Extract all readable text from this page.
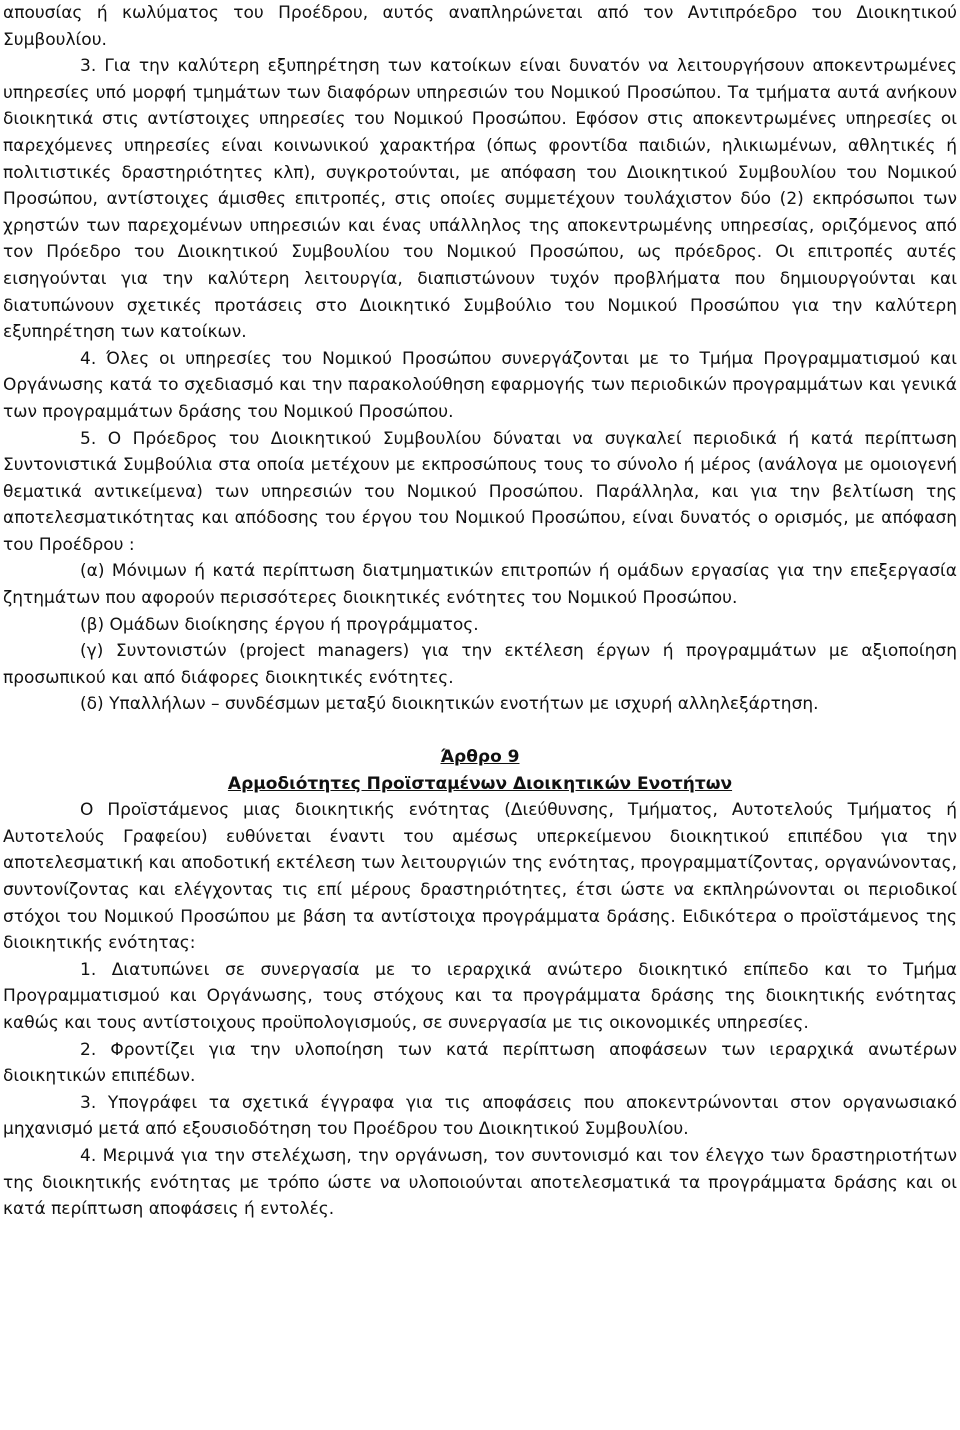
απουσίας ή κωλύματος του Προέδρου, αυτός αναπληρώνεται από τον Αντιπρόεδρο του Διοικητικού Συμβουλίου.

3. Για την καλύτερη εξυπηρέτηση των κατοίκων είναι δυνατόν να λειτουργήσουν αποκεντρωμένες υπηρεσίες υπό μορφή τμημάτων των διαφόρων υπηρεσιών του Νομικού Προσώπου. Τα τμήματα αυτά ανήκουν διοικητικά στις αντίστοιχες υπηρεσίες του Νομικού Προσώπου. Εφόσον στις αποκεντρωμένες υπηρεσίες οι παρεχόμενες υπηρεσίες είναι κοινωνικού χαρακτήρα (όπως φροντίδα παιδιών, ηλικιωμένων, αθλητικές ή πολιτιστικές δραστηριότητες κλπ), συγκροτούνται, με απόφαση του Διοικητικού Συμβουλίου του Νομικού Προσώπου, αντίστοιχες άμισθες επιτροπές, στις οποίες συμμετέχουν τουλάχιστον δύο (2) εκπρόσωποι των χρηστών των παρεχομένων υπηρεσιών και ένας υπάλληλος της αποκεντρωμένης υπηρεσίας, οριζόμενος από τον Πρόεδρο του Διοικητικού Συμβουλίου του Νομικού Προσώπου, ως πρόεδρος. Οι επιτροπές αυτές εισηγούνται για την καλύτερη λειτουργία, διαπιστώνουν τυχόν προβλήματα που δημιουργούνται και διατυπώνουν σχετικές προτάσεις στο Διοικητικό Συμβούλιο του Νομικού Προσώπου για την καλύτερη εξυπηρέτηση των κατοίκων.

4. Όλες οι υπηρεσίες του Νομικού Προσώπου συνεργάζονται με το Τμήμα Προγραμματισμού και Οργάνωσης κατά το σχεδιασμό και την παρακολούθηση εφαρμογής των περιοδικών προγραμμάτων και γενικά των προγραμμάτων δράσης του Νομικού Προσώπου.

5. Ο Πρόεδρος του Διοικητικού Συμβουλίου δύναται να συγκαλεί περιοδικά ή κατά περίπτωση Συντονιστικά Συμβούλια στα οποία μετέχουν με εκπροσώπους τους το σύνολο ή μέρος (ανάλογα με ομοιογενή θεματικά αντικείμενα) των υπηρεσιών του Νομικού Προσώπου. Παράλληλα, και για την βελτίωση της αποτελεσματικότητας και απόδοσης του έργου του Νομικού Προσώπου, είναι δυνατός ο ορισμός, με απόφαση του Προέδρου :

(α) Μόνιμων ή κατά περίπτωση διατμηματικών επιτροπών ή ομάδων εργασίας για την επεξεργασία ζητημάτων που αφορούν περισσότερες διοικητικές ενότητες του Νομικού Προσώπου.

(β) Ομάδων διοίκησης έργου ή προγράμματος.

(γ) Συντονιστών (project managers) για την εκτέλεση έργων ή προγραμμάτων με αξιοποίηση προσωπικού και από διάφορες διοικητικές ενότητες.

(δ) Υπαλλήλων – συνδέσμων μεταξύ διοικητικών ενοτήτων με ισχυρή αλληλεξάρτηση.

Άρθρο 9

Αρμοδιότητες Προϊσταμένων Διοικητικών Ενοτήτων

Ο Προϊστάμενος μιας διοικητικής ενότητας (Διεύθυνσης, Τμήματος, Αυτοτελούς Τμήματος ή Αυτοτελούς Γραφείου) ευθύνεται έναντι του αμέσως υπερκείμενου διοικητικού επιπέδου για την αποτελεσματική και αποδοτική εκτέλεση των λειτουργιών της ενότητας, προγραμματίζοντας, οργανώνοντας, συντονίζοντας και ελέγχοντας τις επί μέρους δραστηριότητες, έτσι ώστε να εκπληρώνονται οι περιοδικοί στόχοι του Νομικού Προσώπου με βάση τα αντίστοιχα προγράμματα δράσης. Ειδικότερα ο προϊστάμενος της διοικητικής ενότητας:

1. Διατυπώνει σε συνεργασία με το ιεραρχικά ανώτερο διοικητικό επίπεδο και το Τμήμα Προγραμματισμού και Οργάνωσης, τους στόχους και τα προγράμματα δράσης της διοικητικής ενότητας καθώς και τους αντίστοιχους προϋπολογισμούς, σε συνεργασία με τις οικονομικές υπηρεσίες.

2. Φροντίζει για την υλοποίηση των κατά περίπτωση αποφάσεων των ιεραρχικά ανωτέρων διοικητικών επιπέδων.

3. Υπογράφει τα σχετικά έγγραφα για τις αποφάσεις που αποκεντρώνονται στον οργανωσιακό μηχανισμό μετά από εξουσιοδότηση του Προέδρου του Διοικητικού Συμβουλίου.

4. Μεριμνά για την στελέχωση, την οργάνωση, τον συντονισμό και τον έλεγχο των δραστηριοτήτων της διοικητικής ενότητας με τρόπο ώστε να υλοποιούνται αποτελεσματικά τα προγράμματα δράσης και οι κατά περίπτωση αποφάσεις ή εντολές.
